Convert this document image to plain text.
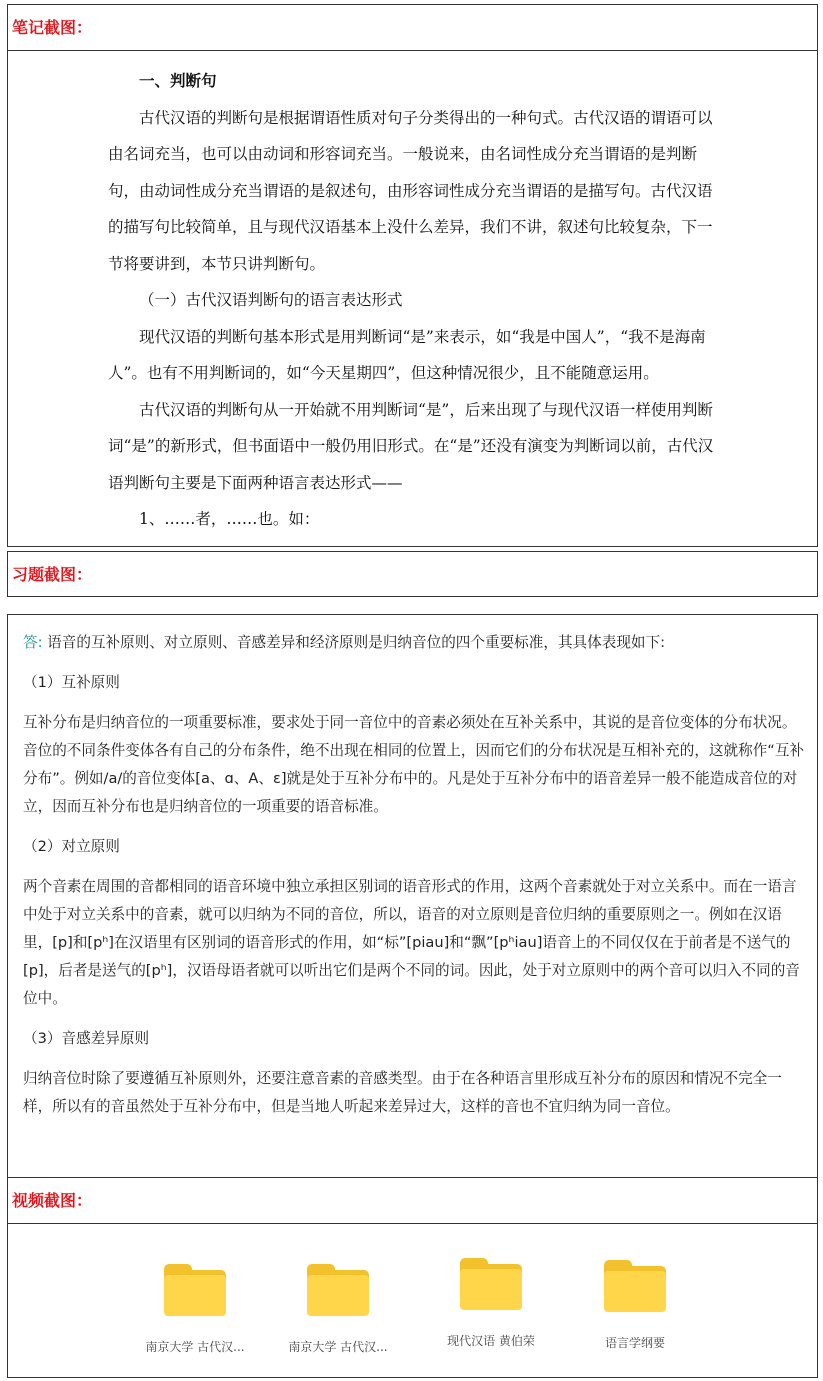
笔记截图：

一、判断句

古代汉语的判断句是根据谓语性质对句子分类得出的一种句式。古代汉语的谓语可以由名词充当，也可以由动词和形容词充当。一般说来，由名词性成分充当谓语的是判断句，由动词性成分充当谓语的是叙述句，由形容词性成分充当谓语的是描写句。古代汉语的描写句比较简单，且与现代汉语基本上没什么差异，我们不讲，叙述句比较复杂，下一节将要讲到，本节只讲判断句。

（一）古代汉语判断句的语言表达形式

现代汉语的判断句基本形式是用判断词“是”来表示，如“我是中国人”，“我不是海南人”。也有不用判断词的，如“今天星期四”，但这种情况很少，且不能随意运用。

古代汉语的判断句从一开始就不用判断词“是”，后来出现了与现代汉语一样使用判断词“是”的新形式，但书面语中一般仍用旧形式。在“是”还没有演变为判断词以前，古代汉语判断句主要是下面两种语言表达形式——

1、……者，……也。如：

习题截图：

答: 语音的互补原则、对立原则、音感差异和经济原则是归纳音位的四个重要标准，其具体表现如下:

（1）互补原则

互补分布是归纳音位的一项重要标准，要求处于同一音位中的音素必须处在互补关系中，其说的是音位变体的分布状况。音位的不同条件变体各有自己的分布条件，绝不出现在相同的位置上，因而它们的分布状况是互相补充的，这就称作“互补分布”。例如/a/的音位变体[a、ɑ、A、ε]就是处于互补分布中的。凡是处于互补分布中的语音差异一般不能造成音位的对立，因而互补分布也是归纳音位的一项重要的语音标准。

（2）对立原则

两个音素在周围的音都相同的语音环境中独立承担区别词的语音形式的作用，这两个音素就处于对立关系中。而在一语言中处于对立关系中的音素，就可以归纳为不同的音位，所以，语音的对立原则是音位归纳的重要原则之一。例如在汉语里，[p]和[pʰ]在汉语里有区别词的语音形式的作用，如“标”[piau]和“飘”[pʰiau]语音上的不同仅仅在于前者是不送气的[p]，后者是送气的[pʰ]，汉语母语者就可以听出它们是两个不同的词。因此，处于对立原则中的两个音可以归入不同的音位中。

（3）音感差异原则

归纳音位时除了要遵循互补原则外，还要注意音素的音感类型。由于在各种语言里形成互补分布的原因和情况不完全一样，所以有的音虽然处于互补分布中，但是当地人听起来差异过大，这样的音也不宜归纳为同一音位。

视频截图：
南京大学 古代汉...	南京大学 古代汉...	现代汉语 黄伯荣	语言学纲要
